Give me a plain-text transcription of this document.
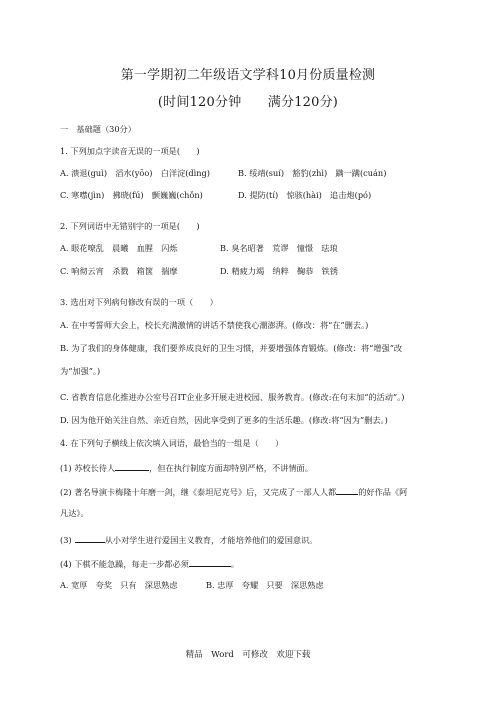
第一学期初二年级语文学科10月份质量检测
(时间120分钟　　满分120分)
一　基础题（30分）
1. 下列加点字读音无误的一项是(　　)
A. 溃退(guì)　滔水(yōo)　白洋淀(dìng)	B. 绥靖(suí)　豁豹(zhì)　蹒一蹒(cuán)
C. 寒噤(jìn)　拂晓(fú)　颤巍巍(chǒn)	D. 提防(tí)　惊骇(hài)　追击炮(pó)
2. 下列词语中无错别字的一项是(　　)
A. 眼花嘹乱　晨曦　血腥　闪烁	B. 臭名昭著　荒谬　憧憬　珐琅
C. 响彻云宵　杀戮　箱箧　揣摩	D. 精疲力竭　纳粹　鞠恭　铁锈
3. 选出对下列病句修改有误的一项（　　）
A. 在中考誓师大会上，校长充满激情的讲话不禁使我心潮澎湃。(修改：将“在”删去。)
B. 为了我们的身体健康，我们要养成良好的卫生习惯，并要增强体育锻炼。(修改：将“增强”改
为“加强”。)
C. 省教育信息化推进办公室号召IT企业多开展走进校园、服务教育。(修改:在句末加“的活动”。)
D. 因为他开始关注自然、亲近自然，因此享受到了更多的生活乐趣。(修改:将“因为”删去。)
4. 在下列句子横线上依次填入词语，最恰当的一组是（　　）
(1) 苏校长待人	，但在执行制度方面却特别严格，不讲情面。
(2) 著名导演卡梅隆十年磨一剑，继《泰坦尼克号》后，又完成了一部人人都	的好作品《阿
凡达》。
(3)	从小对学生进行爱国主义教育，才能培养他们的爱国意识。
(4) 下棋不能急躁，每走一步都必须	。
A. 宽厚　夸奖　只有　深思熟虑	B. 忠厚　夸耀　只要　深思熟虑
精品　Word　可修改　欢迎下载
